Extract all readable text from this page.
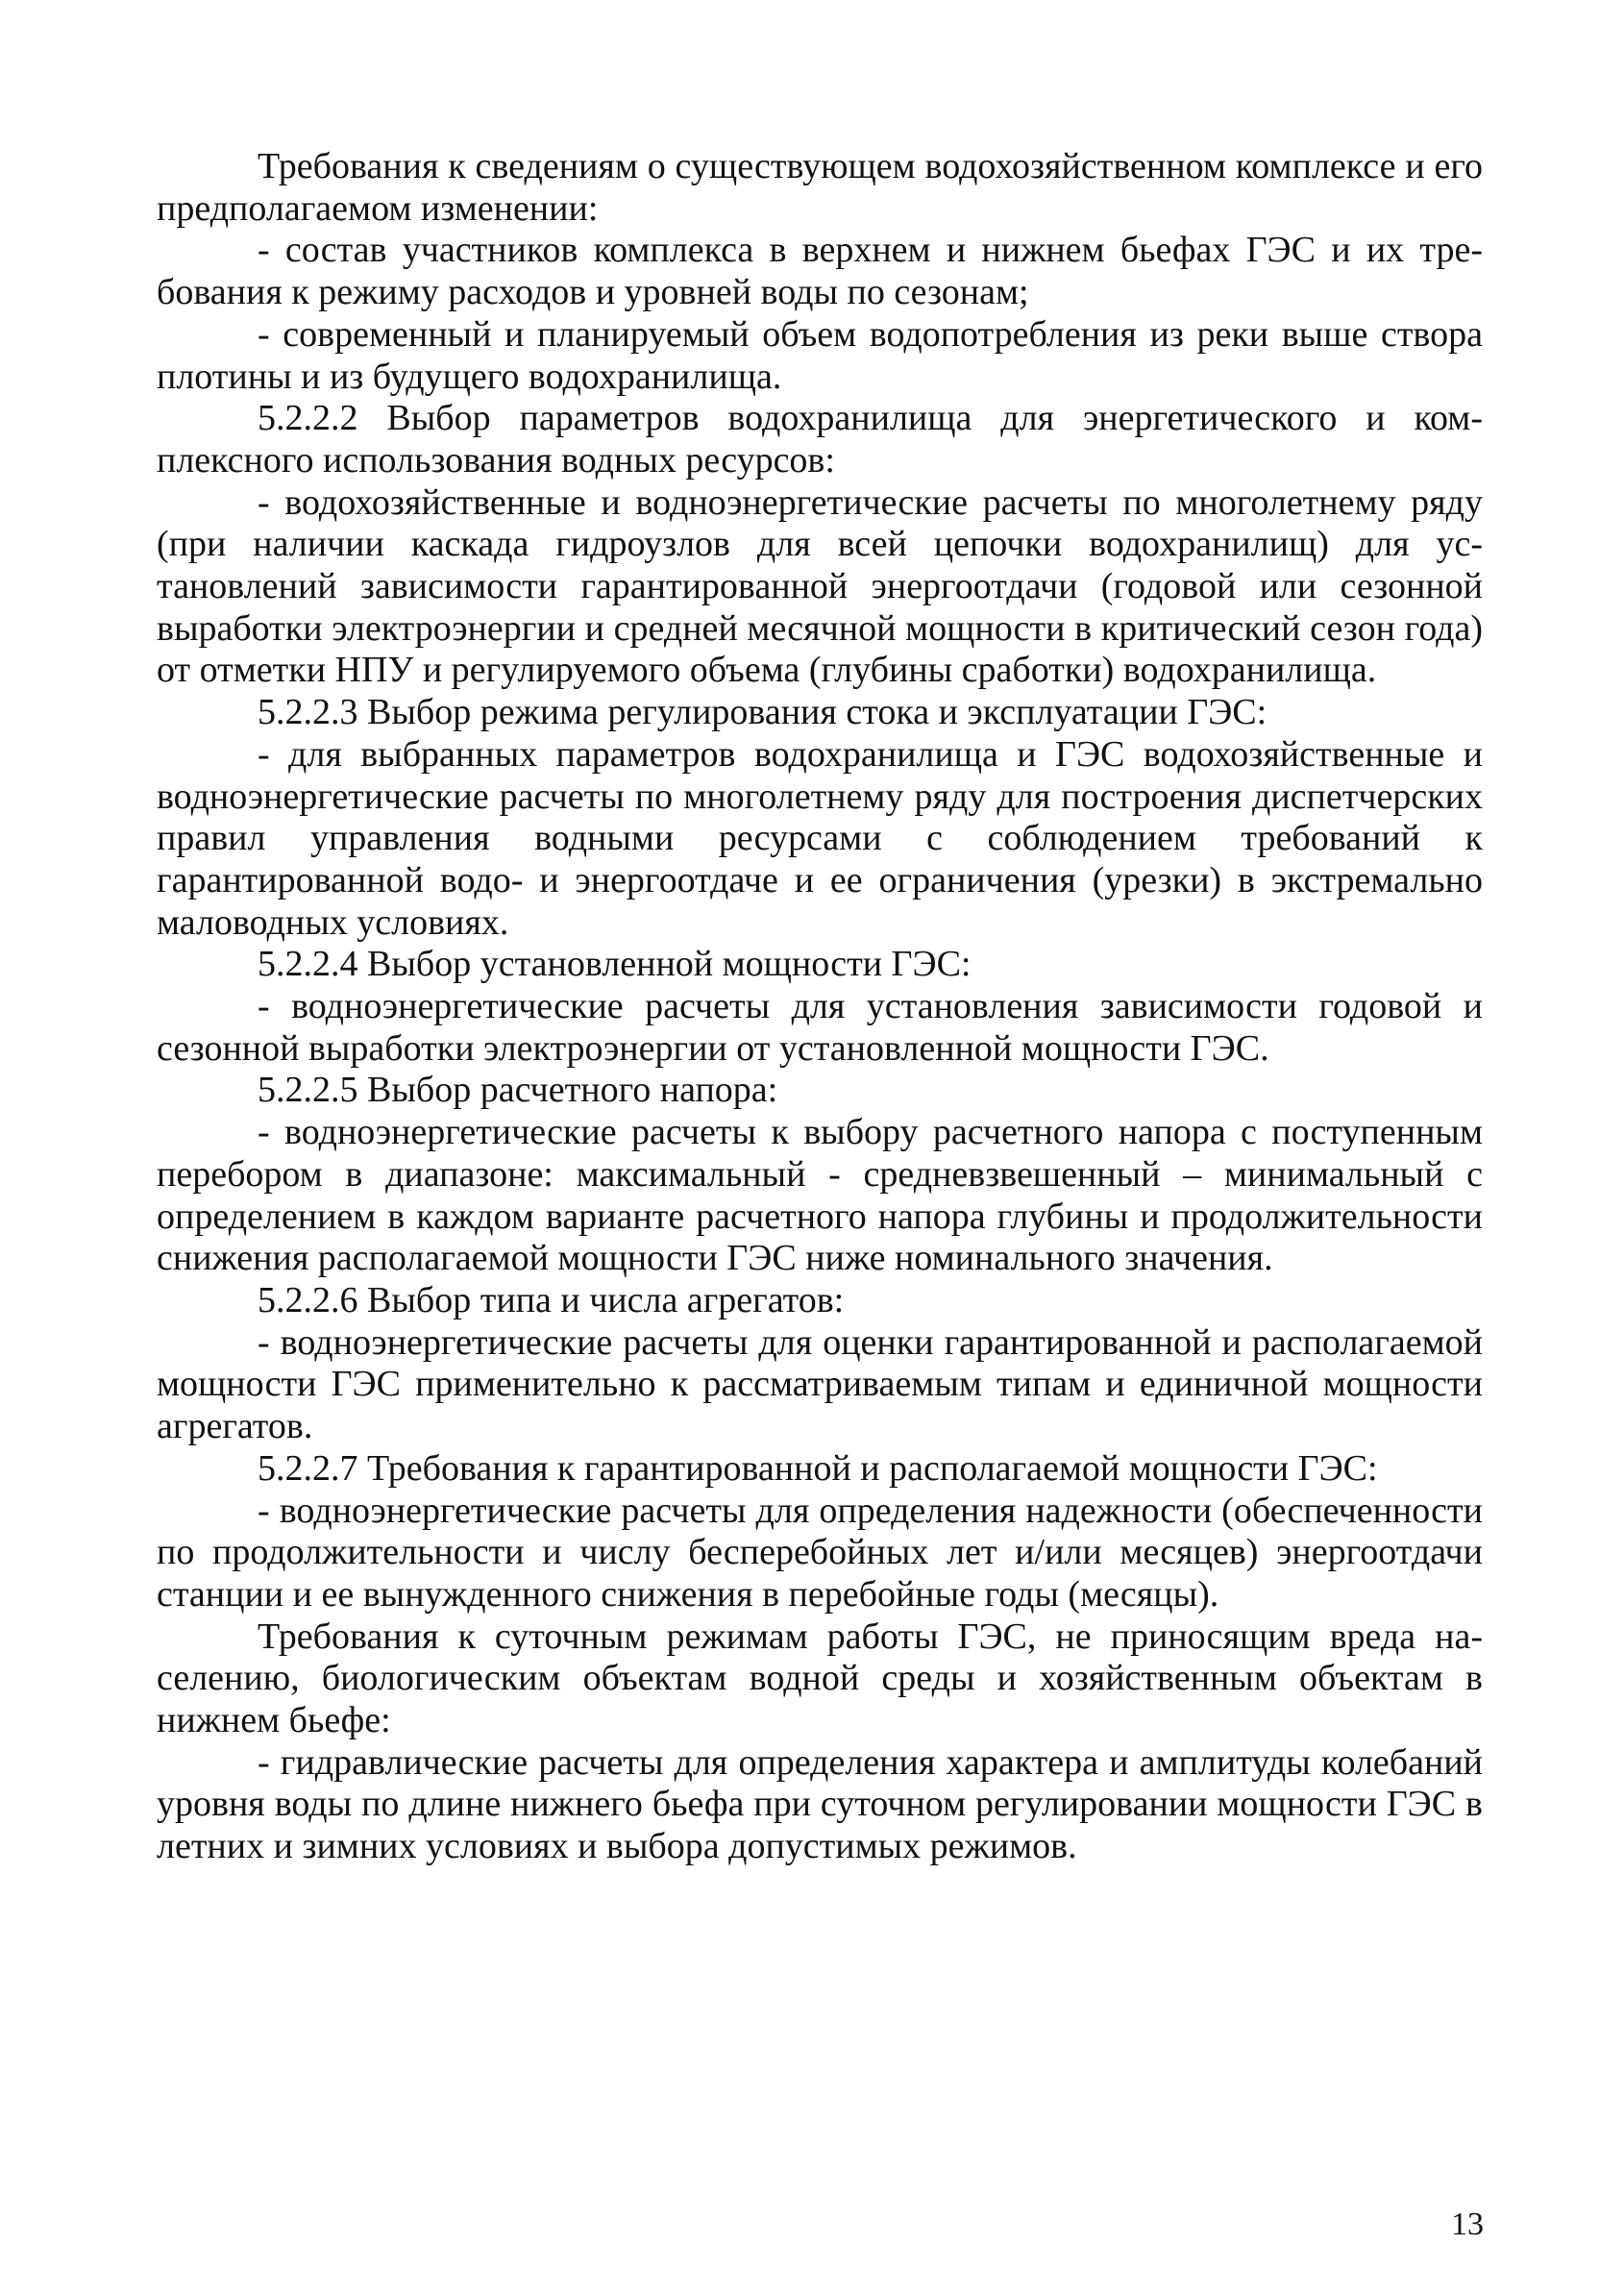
Требования к сведениям о существующем водохозяйственном комплексе и его предполагаемом изменении:

- состав участников комплекса в верхнем и нижнем бьефах ГЭС и их требования к режиму расходов и уровней воды по сезонам;

- современный и планируемый объем водопотребления из реки выше створа плотины и из будущего водохранилища.

5.2.2.2 Выбор параметров водохранилища для энергетического и комплексного использования водных ресурсов:

- водохозяйственные и водноэнергетические расчеты по многолетнему ряду (при наличии каскада гидроузлов для всей цепочки водохранилищ) для установлений зависимости гарантированной энергоотдачи (годовой или сезонной выработки электроэнергии и средней месячной мощности в критический сезон года) от отметки НПУ и регулируемого объема (глубины сработки) водохранилища.

5.2.2.3 Выбор режима регулирования стока и эксплуатации ГЭС:

- для выбранных параметров водохранилища и ГЭС водохозяйственные и водноэнергетические расчеты по многолетнему ряду для построения диспетчерских правил управления водными ресурсами с соблюдением требований к гарантированной водо- и энергоотдаче и ее ограничения (урезки) в экстремально маловодных условиях.

5.2.2.4 Выбор установленной мощности ГЭС:

- водноэнергетические расчеты для установления зависимости годовой и сезонной выработки электроэнергии от установленной мощности ГЭС.

5.2.2.5 Выбор расчетного напора:

- водноэнергетические расчеты к выбору расчетного напора с поступенным перебором в диапазоне: максимальный - средневзвешенный – минимальный с определением в каждом варианте расчетного напора глубины и продолжительности снижения располагаемой мощности ГЭС ниже номинального значения.

5.2.2.6 Выбор типа и числа агрегатов:

- водноэнергетические расчеты для оценки гарантированной и располагаемой мощности ГЭС применительно к рассматриваемым типам и единичной мощности агрегатов.

5.2.2.7 Требования к гарантированной и располагаемой мощности ГЭС:

- водноэнергетические расчеты для определения надежности (обеспеченности по продолжительности и числу бесперебойных лет и/или месяцев) энергоотдачи станции и ее вынужденного снижения в перебойные годы (месяцы).

Требования к суточным режимам работы ГЭС, не приносящим вреда населению, биологическим объектам водной среды и хозяйственным объектам в нижнем бьефе:

- гидравлические расчеты для определения характера и амплитуды колебаний уровня воды по длине нижнего бьефа при суточном регулировании мощности ГЭС в летних и зимних условиях и выбора допустимых режимов.

13
